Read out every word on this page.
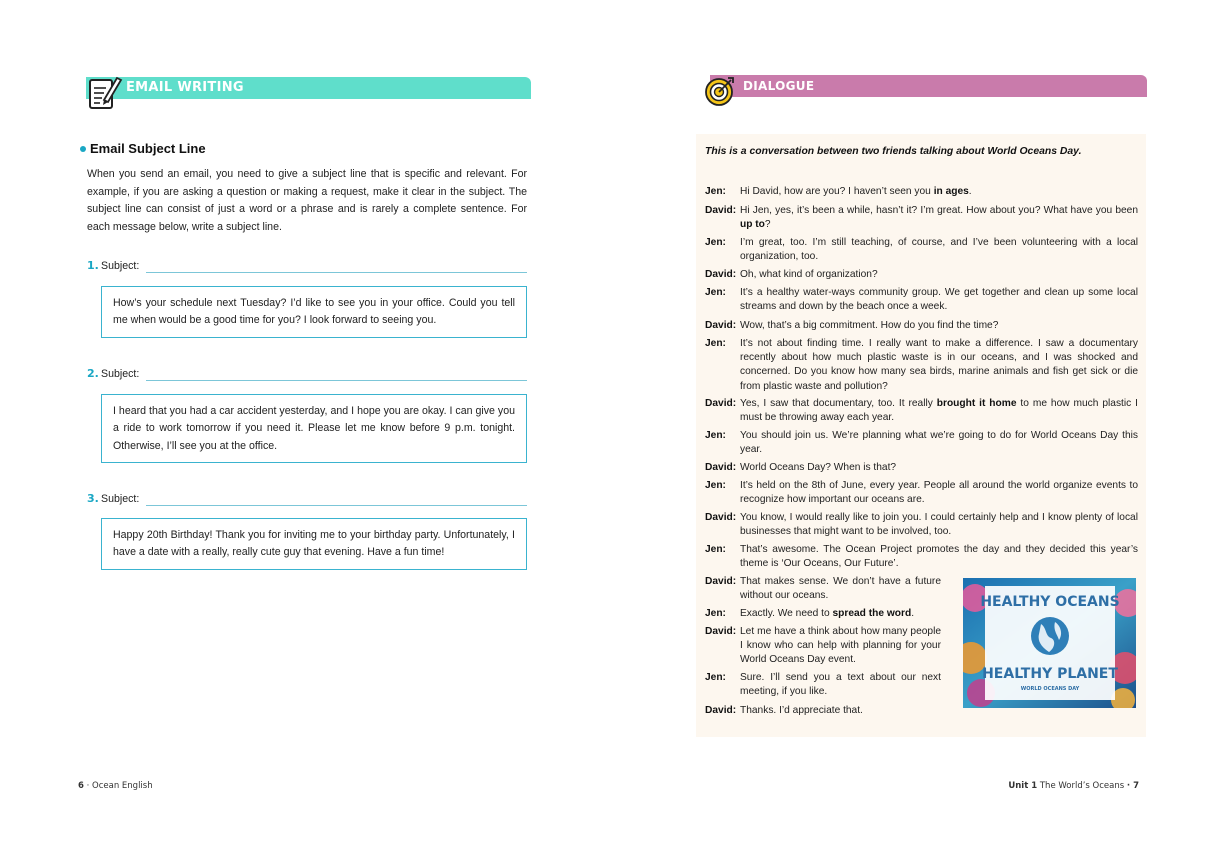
EMAIL WRITING
Email Subject Line
When you send an email, you need to give a subject line that is specific and relevant. For example, if you are asking a question or making a request, make it clear in the subject. The subject line can consist of just a word or a phrase and is rarely a complete sentence. For each message below, write a subject line.
1. Subject:
How’s your schedule next Tuesday? I’d like to see you in your office. Could you tell me when would be a good time for you? I look forward to seeing you.
2. Subject:
I heard that you had a car accident yesterday, and I hope you are okay. I can give you a ride to work tomorrow if you need it. Please let me know before 9 p.m. tonight. Otherwise, I’ll see you at the office.
3. Subject:
Happy 20th Birthday! Thank you for inviting me to your birthday party. Unfortunately, I have a date with a really, really cute guy that evening. Have a fun time!
6 · Ocean English
DIALOGUE
This is a conversation between two friends talking about World Oceans Day.
Jen:	Hi David, how are you? I haven’t seen you in ages.
David: Hi Jen, yes, it’s been a while, hasn’t it? I’m great. How about you? What have you been up to?
Jen:	I’m great, too. I’m still teaching, of course, and I’ve been volunteering with a local organization, too.
David: Oh, what kind of organization?
Jen:	It’s a healthy water-ways community group. We get together and clean up some local streams and down by the beach once a week.
David: Wow, that’s a big commitment. How do you find the time?
Jen:	It’s not about finding time. I really want to make a difference. I saw a documentary recently about how much plastic waste is in our oceans, and I was shocked and concerned. Do you know how many sea birds, marine animals and fish get sick or die from plastic waste and pollution?
David: Yes, I saw that documentary, too. It really brought it home to me how much plastic I must be throwing away each year.
Jen:	You should join us. We’re planning what we’re going to do for World Oceans Day this year.
David: World Oceans Day? When is that?
Jen:	It’s held on the 8th of June, every year. People all around the world organize events to recognize how important our oceans are.
David: You know, I would really like to join you. I could certainly help and I know plenty of local businesses that might want to be involved, too.
Jen:	That’s awesome. The Ocean Project promotes the day and they decided this year’s theme is ‘Our Oceans, Our Future’.
David: That makes sense. We don’t have a future without our oceans.
Jen:	Exactly. We need to spread the word.
David: Let me have a think about how many people I know who can help with planning for your World Oceans Day event.
Jen:	Sure. I’ll send you a text about our next meeting, if you like.
David: Thanks. I’d appreciate that.
HEALTHY OCEANS
HEALTHY PLANET
WORLD OCEANS DAY
Unit 1 The World’s Oceans · 7
